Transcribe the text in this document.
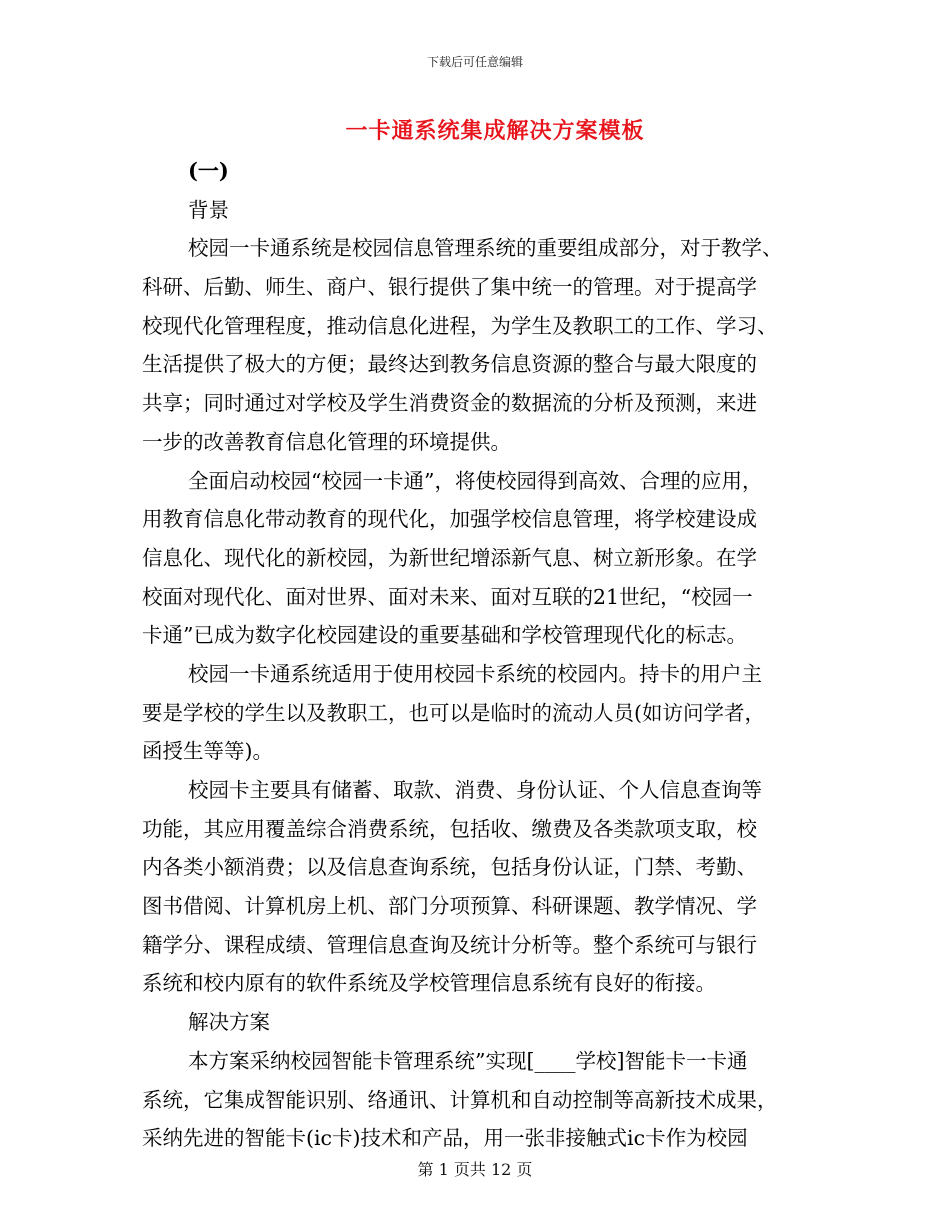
下载后可任意编辑
一卡通系统集成解决方案模板
(一)
背景
校园一卡通系统是校园信息管理系统的重要组成部分，对于教学、
科研、后勤、师生、商户、银行提供了集中统一的管理。对于提高学
校现代化管理程度，推动信息化进程，为学生及教职工的工作、学习、
生活提供了极大的方便；最终达到教务信息资源的整合与最大限度的
共享；同时通过对学校及学生消费资金的数据流的分析及预测，来进
一步的改善教育信息化管理的环境提供。
全面启动校园“校园一卡通”，将使校园得到高效、合理的应用，
用教育信息化带动教育的现代化，加强学校信息管理，将学校建设成
信息化、现代化的新校园，为新世纪增添新气息、树立新形象。在学
校面对现代化、面对世界、面对未来、面对互联的21世纪，“校园一
卡通”已成为数字化校园建设的重要基础和学校管理现代化的标志。
校园一卡通系统适用于使用校园卡系统的校园内。持卡的用户主
要是学校的学生以及教职工，也可以是临时的流动人员(如访问学者，
函授生等等)。
校园卡主要具有储蓄、取款、消费、身份认证、个人信息查询等
功能，其应用覆盖综合消费系统，包括收、缴费及各类款项支取，校
内各类小额消费；以及信息查询系统，包括身份认证，门禁、考勤、
图书借阅、计算机房上机、部门分项预算、科研课题、教学情况、学
籍学分、课程成绩、管理信息查询及统计分析等。整个系统可与银行
系统和校内原有的软件系统及学校管理信息系统有良好的衔接。
解决方案
本方案采纳校园智能卡管理系统”实现[____学校]智能卡一卡通
系统，它集成智能识别、络通讯、计算机和自动控制等高新技术成果，
采纳先进的智能卡(ic卡)技术和产品，用一张非接触式ic卡作为校园
第 1 页共 12 页
